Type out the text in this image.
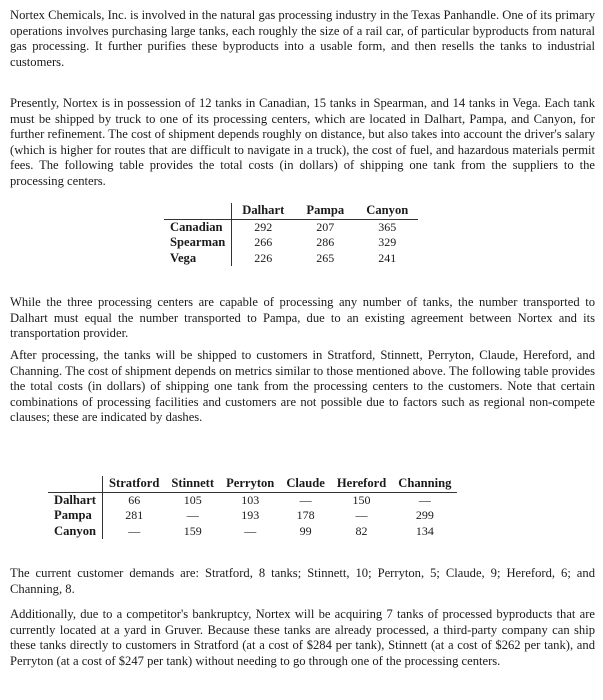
Nortex Chemicals, Inc. is involved in the natural gas processing industry in the Texas Panhandle. One of its primary operations involves purchasing large tanks, each roughly the size of a rail car, of particular byproducts from natural gas processing. It further purifies these byproducts into a usable form, and then resells the tanks to industrial customers.

Presently, Nortex is in possession of 12 tanks in Canadian, 15 tanks in Spearman, and 14 tanks in Vega. Each tank must be shipped by truck to one of its processing centers, which are located in Dalhart, Pampa, and Canyon, for further refinement. The cost of shipment depends roughly on distance, but also takes into account the driver's salary (which is higher for routes that are difficult to navigate in a truck), the cost of fuel, and hazardous materials permit fees. The following table provides the total costs (in dollars) of shipping one tank from the suppliers to the processing centers.

	Dalhart	Pampa	Canyon
Canadian	292	207	365
Spearman	266	286	329
Vega	226	265	241

While the three processing centers are capable of processing any number of tanks, the number transported to Dalhart must equal the number transported to Pampa, due to an existing agreement between Nortex and its transportation provider.

After processing, the tanks will be shipped to customers in Stratford, Stinnett, Perryton, Claude, Hereford, and Channing. The cost of shipment depends on metrics similar to those mentioned above. The following table provides the total costs (in dollars) of shipping one tank from the processing centers to the customers. Note that certain combinations of processing facilities and customers are not possible due to factors such as regional non-compete clauses; these are indicated by dashes.

	Stratford	Stinnett	Perryton	Claude	Hereford	Channing
Dalhart	66	105	103	—	150	—
Pampa	281	—	193	178	—	299
Canyon	—	159	—	99	82	134

The current customer demands are: Stratford, 8 tanks; Stinnett, 10; Perryton, 5; Claude, 9; Hereford, 6; and Channing, 8.

Additionally, due to a competitor's bankruptcy, Nortex will be acquiring 7 tanks of processed byproducts that are currently located at a yard in Gruver. Because these tanks are already processed, a third-party company can ship these tanks directly to customers in Stratford (at a cost of $284 per tank), Stinnett (at a cost of $262 per tank), and Perryton (at a cost of $247 per tank) without needing to go through one of the processing centers.
